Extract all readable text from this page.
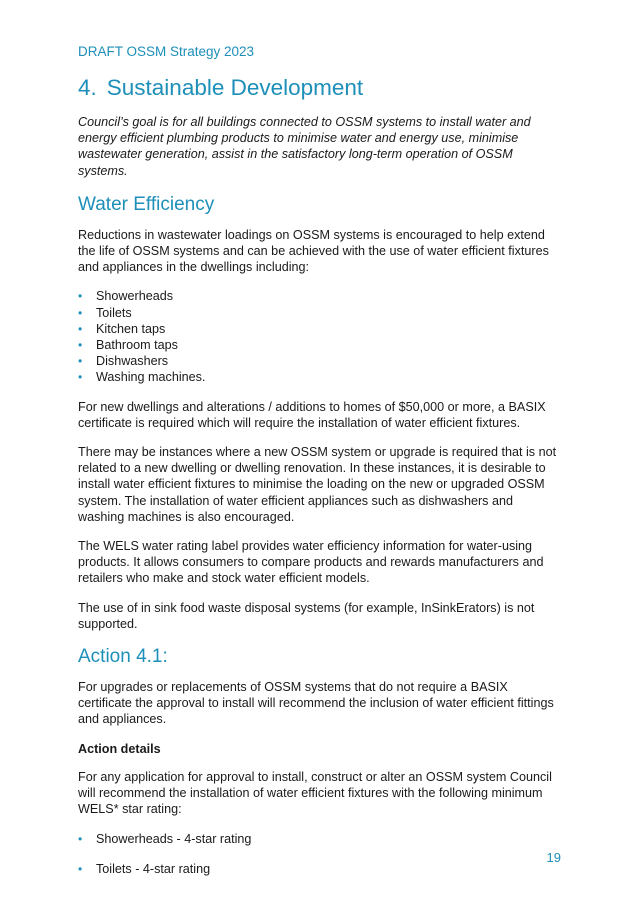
DRAFT OSSM Strategy 2023
4. Sustainable Development

Council’s goal is for all buildings connected to OSSM systems to install water and energy efficient plumbing products to minimise water and energy use, minimise wastewater generation, assist in the satisfactory long-term operation of OSSM systems.

Water Efficiency

Reductions in wastewater loadings on OSSM systems is encouraged to help extend the life of OSSM systems and can be achieved with the use of water efficient fixtures and appliances in the dwellings including:

• Showerheads
• Toilets
• Kitchen taps
• Bathroom taps
• Dishwashers
• Washing machines.

For new dwellings and alterations / additions to homes of $50,000 or more, a BASIX certificate is required which will require the installation of water efficient fixtures.

There may be instances where a new OSSM system or upgrade is required that is not related to a new dwelling or dwelling renovation. In these instances, it is desirable to install water efficient fixtures to minimise the loading on the new or upgraded OSSM system. The installation of water efficient appliances such as dishwashers and washing machines is also encouraged.

The WELS water rating label provides water efficiency information for water-using products. It allows consumers to compare products and rewards manufacturers and retailers who make and stock water efficient models.

The use of in sink food waste disposal systems (for example, InSinkErators) is not supported.

Action 4.1:

For upgrades or replacements of OSSM systems that do not require a BASIX certificate the approval to install will recommend the inclusion of water efficient fittings and appliances.

Action details

For any application for approval to install, construct or alter an OSSM system Council will recommend the installation of water efficient fixtures with the following minimum WELS* star rating:

• Showerheads - 4-star rating
• Toilets - 4-star rating
19
